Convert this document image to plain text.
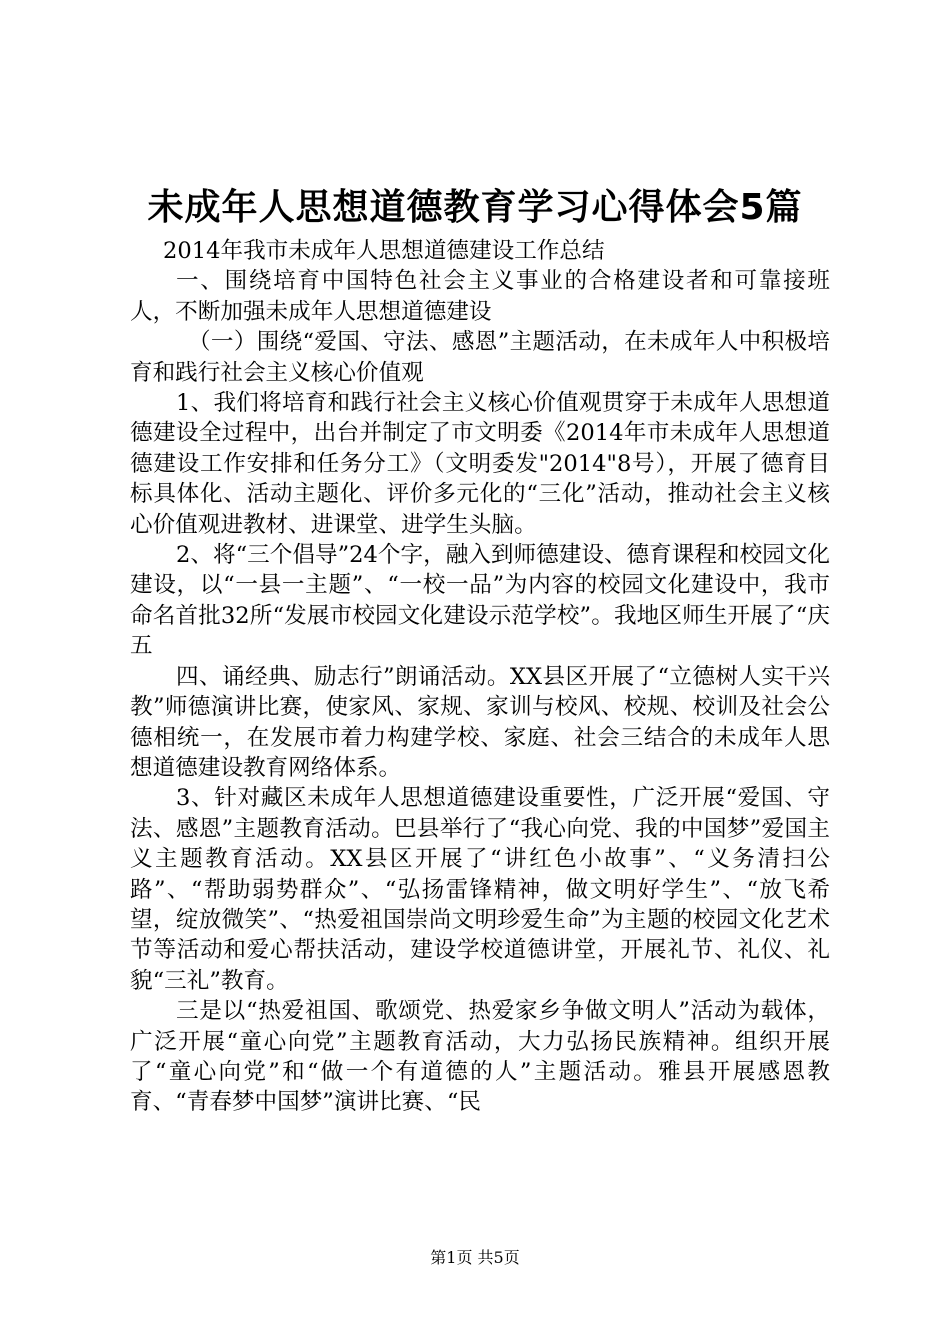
未成年人思想道德教育学习心得体会5篇

2014年我市未成年人思想道德建设工作总结

一、围绕培育中国特色社会主义事业的合格建设者和可靠接班人，不断加强未成年人思想道德建设

（一）围绕“爱国、守法、感恩”主题活动，在未成年人中积极培育和践行社会主义核心价值观

1、我们将培育和践行社会主义核心价值观贯穿于未成年人思想道德建设全过程中，出台并制定了市文明委《2014年市未成年人思想道德建设工作安排和任务分工》（文明委发"2014"8号），开展了德育目标具体化、活动主题化、评价多元化的“三化”活动，推动社会主义核心价值观进教材、进课堂、进学生头脑。

2、将“三个倡导”24个字，融入到师德建设、德育课程和校园文化建设，以“一县一主题”、“一校一品”为内容的校园文化建设中，我市命名首批32所“发展市校园文化建设示范学校”。我地区师生开展了“庆五

四、诵经典、励志行”朗诵活动。XX县区开展了“立德树人实干兴教”师德演讲比赛，使家风、家规、家训与校风、校规、校训及社会公德相统一，在发展市着力构建学校、家庭、社会三结合的未成年人思想道德建设教育网络体系。

3、针对藏区未成年人思想道德建设重要性，广泛开展“爱国、守法、感恩”主题教育活动。巴县举行了“我心向党、我的中国梦”爱国主义主题教育活动。XX县区开展了“讲红色小故事”、“义务清扫公路”、“帮助弱势群众”、“弘扬雷锋精神，做文明好学生”、“放飞希望，绽放微笑”、“热爱祖国崇尚文明珍爱生命”为主题的校园文化艺术节等活动和爱心帮扶活动，建设学校道德讲堂，开展礼节、礼仪、礼貌“三礼”教育。

三是以“热爱祖国、歌颂党、热爱家乡争做文明人”活动为载体，广泛开展“童心向党”主题教育活动，大力弘扬民族精神。组织开展了“童心向党”和“做一个有道德的人”主题活动。雅县开展感恩教育、“青春梦中国梦”演讲比赛、“民

第1页 共5页
